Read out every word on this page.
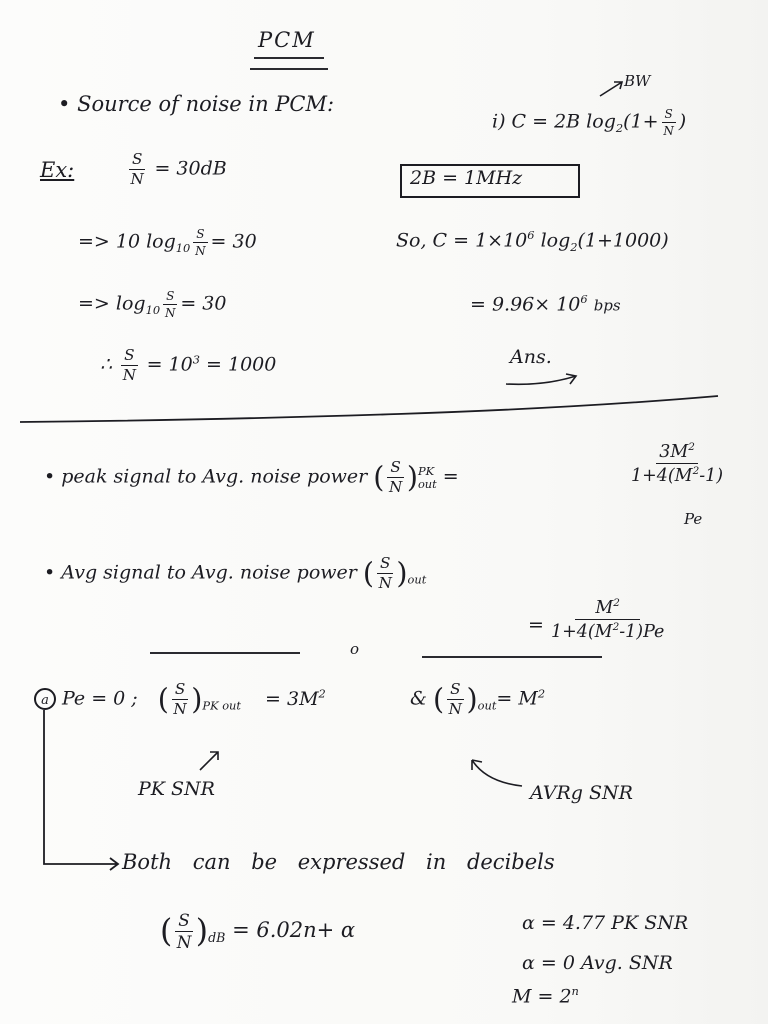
PCM
• Source of noise in PCM:
i) C = 2B $\log_2(1+ \frac{S}{N}$ )
BW
Ex:	$\frac{S}{N} = 30dB$	2B = 1MHz
=> 10 $\log_{10} \frac{S}{N} = 30$	So, $C = 1\times 10^6$ $\log_2(1+1000)$
=> $\log_{10} \frac{S}{N} = 30$	= $9.96\times 10^6$ bps
∴ $\frac{S}{N} = 10^3 = 1000$	Ans.
• peak signal to Avg. noise power ( $\frac{S}{N}$ ) PK
out =	$\frac{3M^2}{1+4(M^2-1)}$
Pe
• Avg signal to Avg. noise power ( $\frac{S}{N} )_{out}$
= $\frac{M^2}{1+4(M^2-1)Pe}$
o
a Pe = 0 ; ( $\frac{S}{N} )_{PK out} = 3M^2$	& ( $\frac{S}{N} )_{out}= M^2$
PK SNR	AVRg SNR
Both can be expressed in decibels
( $\frac{S}{N} )_{dB} = 6.02n+ \alpha$	α = 4.77 PK SNR
α = 0 Avg. SNR
$M = 2^n$
